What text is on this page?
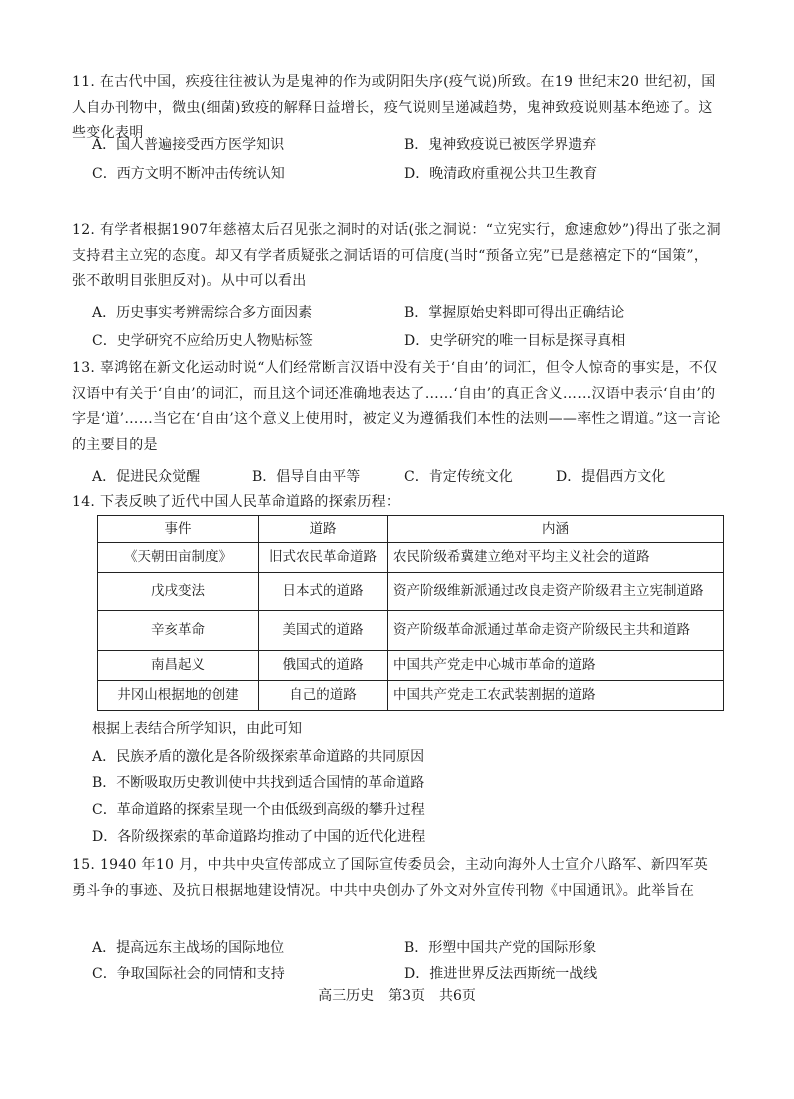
11. 在古代中国，疾疫往往被认为是鬼神的作为或阴阳失序(疫气说)所致。在19 世纪末20 世纪初，国人自办刊物中，微虫(细菌)致疫的解释日益增长，疫气说则呈递减趋势，鬼神致疫说则基本绝迹了。这些变化表明
A．国人普遍接受西方医学知识	B．鬼神致疫说已被医学界遗弃
C．西方文明不断冲击传统认知	D．晚清政府重视公共卫生教育
12. 有学者根据1907年慈禧太后召见张之洞时的对话(张之洞说：“立宪实行，愈速愈妙”)得出了张之洞支持君主立宪的态度。却又有学者质疑张之洞话语的可信度(当时“预备立宪”已是慈禧定下的“国策”，张不敢明目张胆反对)。从中可以看出
A．历史事实考辨需综合多方面因素	B．掌握原始史料即可得出正确结论
C．史学研究不应给历史人物贴标签	D．史学研究的唯一目标是探寻真相
13. 辜鸿铭在新文化运动时说“人们经常断言汉语中没有关于‘自由’的词汇，但令人惊奇的事实是，不仅汉语中有关于‘自由’的词汇，而且这个词还准确地表达了……‘自由’的真正含义……汉语中表示‘自由’的字是‘道’……当它在‘自由’这个意义上使用时，被定义为遵循我们本性的法则——率性之谓道。”这一言论的主要目的是
A．促进民众觉醒	B．倡导自由平等	C．肯定传统文化	D．提倡西方文化
14. 下表反映了近代中国人民革命道路的探索历程：
事件	道路	内涵
《天朝田亩制度》	旧式农民革命道路	农民阶级希冀建立绝对平均主义社会的道路
戊戌变法	日本式的道路	资产阶级维新派通过改良走资产阶级君主立宪制道路
辛亥革命	美国式的道路	资产阶级革命派通过革命走资产阶级民主共和道路
南昌起义	俄国式的道路	中国共产党走中心城市革命的道路
井冈山根据地的创建	自己的道路	中国共产党走工农武装割据的道路
根据上表结合所学知识，由此可知
A．民族矛盾的激化是各阶级探索革命道路的共同原因
B．不断吸取历史教训使中共找到适合国情的革命道路
C．革命道路的探索呈现一个由低级到高级的攀升过程
D．各阶级探索的革命道路均推动了中国的近代化进程
15. 1940 年10 月，中共中央宣传部成立了国际宣传委员会，主动向海外人士宣介八路军、新四军英勇斗争的事迹、及抗日根据地建设情况。中共中央创办了外文对外宣传刊物《中国通讯》。此举旨在
A．提高远东主战场的国际地位	B．形塑中国共产党的国际形象
C．争取国际社会的同情和支持	D．推进世界反法西斯统一战线
高三历史　第3页　共6页
